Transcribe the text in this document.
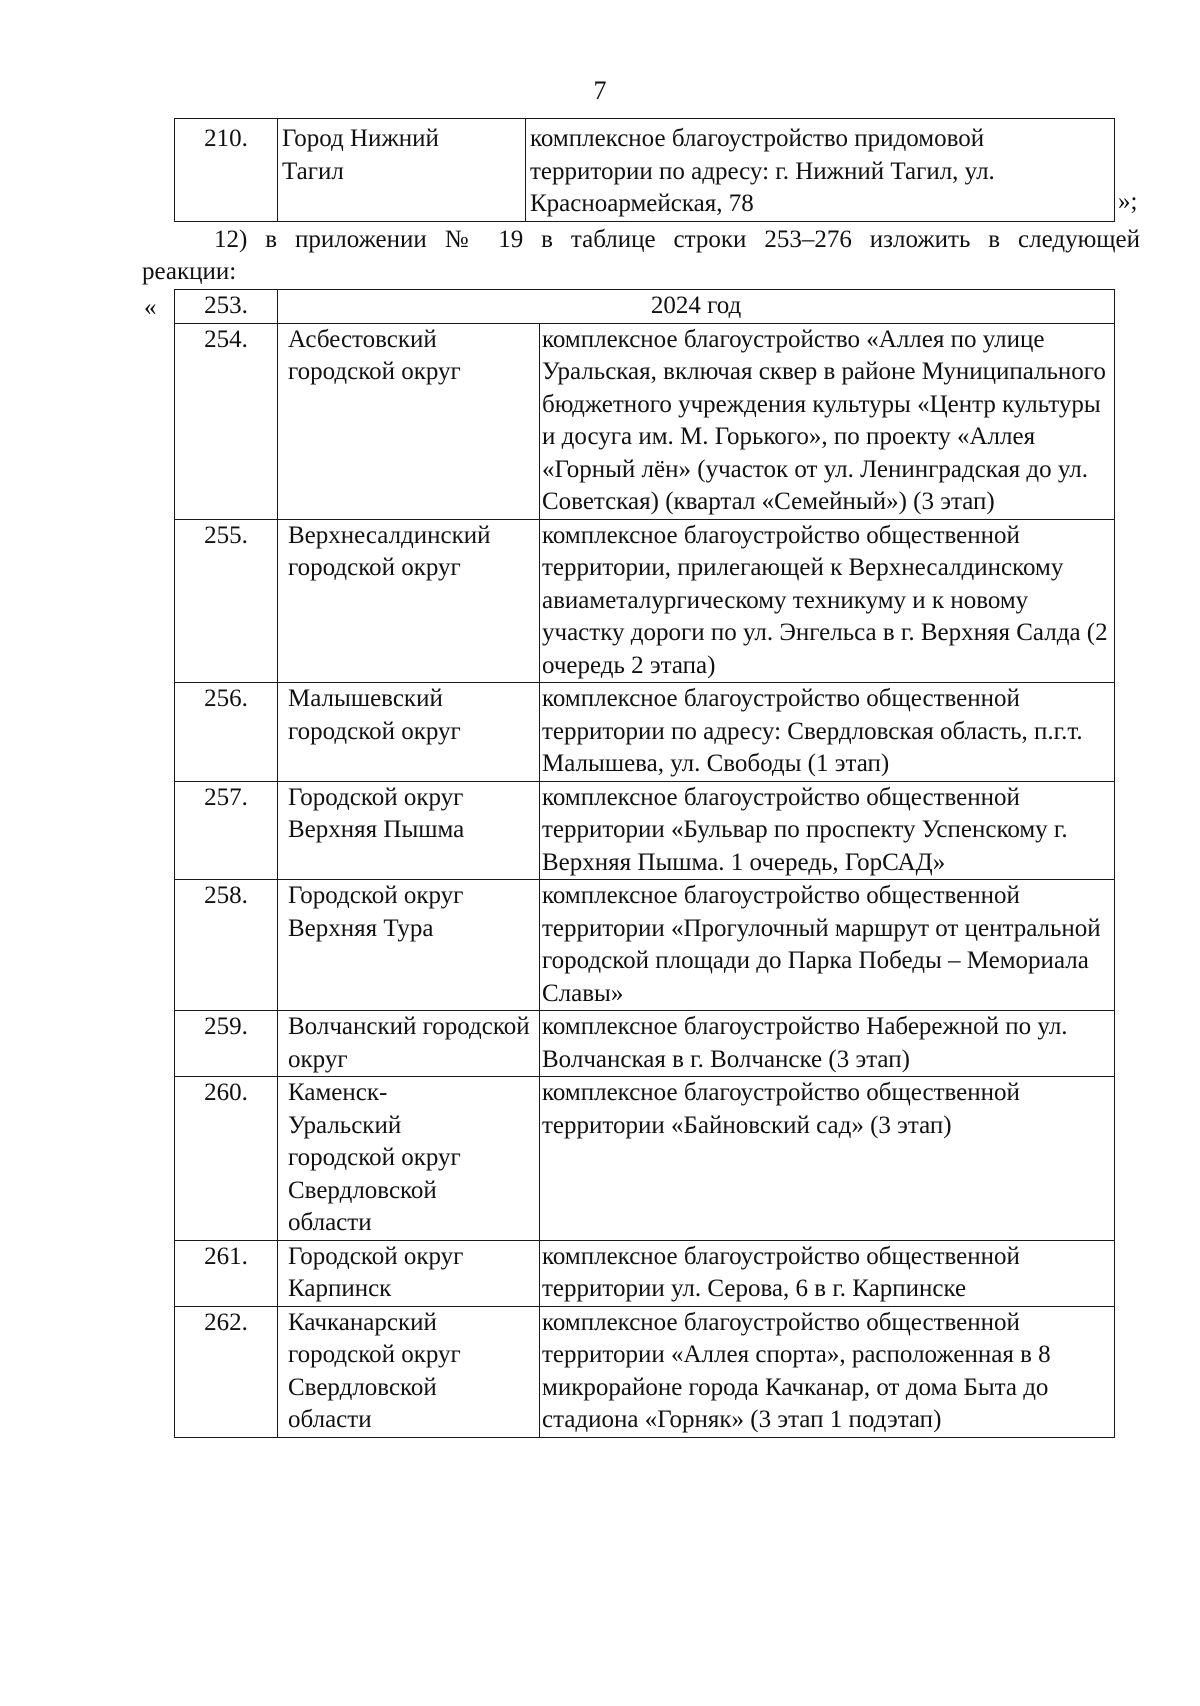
7
210.	Город Нижний Тагил	комплексное благоустройство придомовой территории по адресу: г. Нижний Тагил, ул. Красноармейская, 78	»;
12) в приложении № 19 в таблице строки 253–276 изложить в следующей
реакции:
« 253.	2024 год	
254.	Асбестовский городской округ	комплексное благоустройство «Аллея по улице Уральская, включая сквер в районе Муниципального бюджетного учреждения культуры «Центр культуры и досуга им. М. Горького», по проекту «Аллея «Горный лён» (участок от ул. Ленинградская до ул. Советская) (квартал «Семейный») (3 этап)
255.	Верхнесалдинский городской округ	комплексное благоустройство общественной территории, прилегающей к Верхнесалдинскому авиаметалургическому техникуму и к новому участку дороги по ул. Энгельса в г. Верхняя Салда (2 очередь 2 этапа)
256.	Малышевский городской округ	комплексное благоустройство общественной территории по адресу: Свердловская область, п.г.т. Малышева, ул. Свободы (1 этап)
257.	Городской округ Верхняя Пышма	комплексное благоустройство общественной территории «Бульвар по проспекту Успенскому г. Верхняя Пышма. 1 очередь, ГорСАД»
258.	Городской округ Верхняя Тура	комплексное благоустройство общественной территории «Прогулочный маршрут от центральной городской площади до Парка Победы – Мемориала Славы»
259.	Волчанский городской округ	комплексное благоустройство Набережной по ул. Волчанская в г. Волчанске (3 этап)
260.	Каменск-Уральский городской округ Свердловской области	комплексное благоустройство общественной территории «Байновский сад» (3 этап)
261.	Городской округ Карпинск	комплексное благоустройство общественной территории ул. Серова, 6 в г. Карпинске
262.	Качканарский городской округ Свердловской области	комплексное благоустройство общественной территории «Аллея спорта», расположенная в 8 микрорайоне города Качканар, от дома Быта до стадиона «Горняк» (3 этап 1 подэтап)
